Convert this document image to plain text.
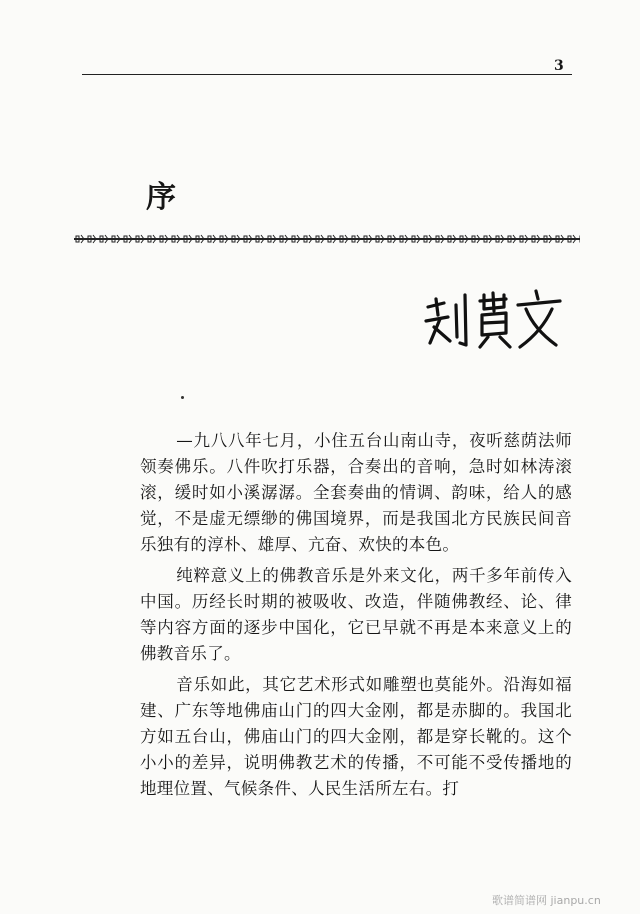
3
序

—九八八年七月，小住五台山南山寺，夜听慈荫法师领奏佛乐。八件吹打乐器，合奏出的音响，急时如林涛滚滚，缓时如小溪潺潺。全套奏曲的情调、韵味，给人的感觉，不是虚无缥缈的佛国境界，而是我国北方民族民间音乐独有的淳朴、雄厚、亢奋、欢快的本色。

纯粹意义上的佛教音乐是外来文化，两千多年前传入中国。历经长时期的被吸收、改造，伴随佛教经、论、律等内容方面的逐步中国化，它已早就不再是本来意义上的佛教音乐了。

音乐如此，其它艺术形式如雕塑也莫能外。沿海如福建、广东等地佛庙山门的四大金刚，都是赤脚的。我国北方如五台山，佛庙山门的四大金刚，都是穿长靴的。这个小小的差异，说明佛教艺术的传播，不可能不受传播地的地理位置、气候条件、人民生活所左右。打

歌谱简谱网 jianpu.cn
